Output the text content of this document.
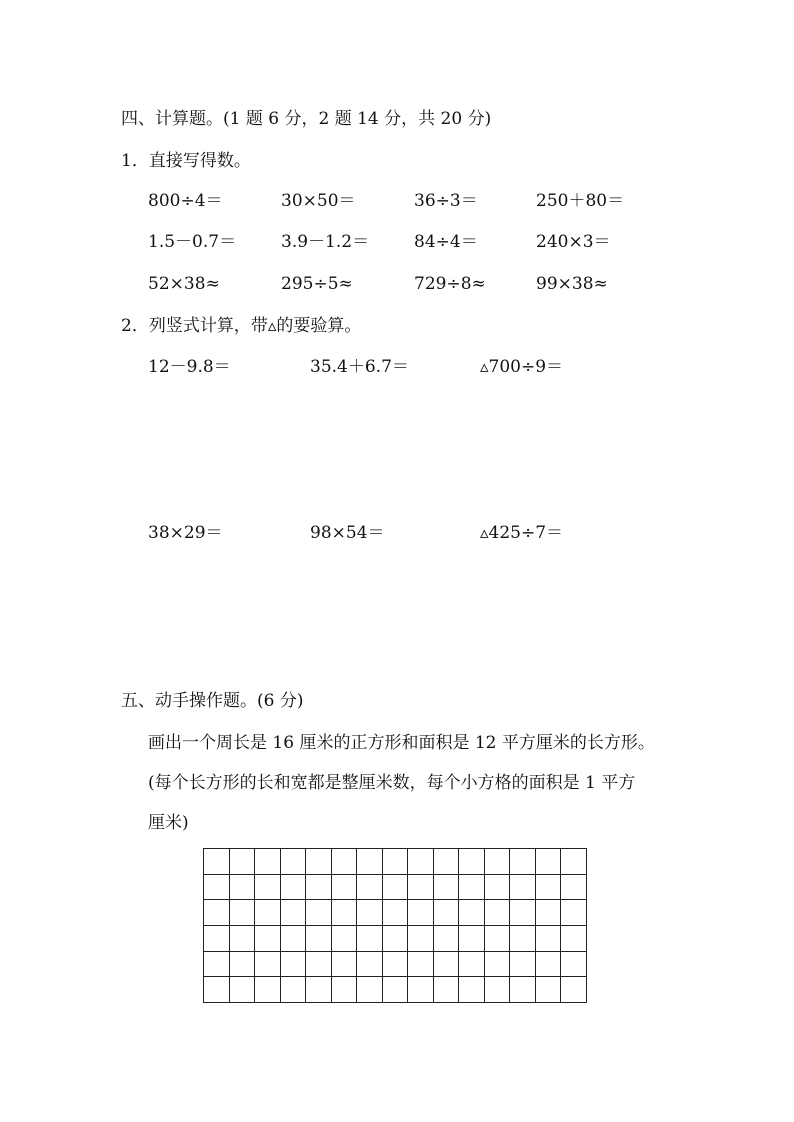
四、计算题。(1 题 6 分，2 题 14 分，共 20 分)
1．直接写得数。
800÷4＝	30×50＝	36÷3＝	250＋80＝
1.5－0.7＝	3.9－1.2＝	84÷4＝	240×3＝
52×38≈	295÷5≈	729÷8≈	99×38≈
2．列竖式计算，带▵的要验算。
12－9.8＝	35.4＋6.7＝	▵700÷9＝
38×29＝	98×54＝	▵425÷7＝
五、动手操作题。(6 分)
画出一个周长是 16 厘米的正方形和面积是 12 平方厘米的长方形。
(每个长方形的长和宽都是整厘米数，每个小方格的面积是 1 平方
厘米)
